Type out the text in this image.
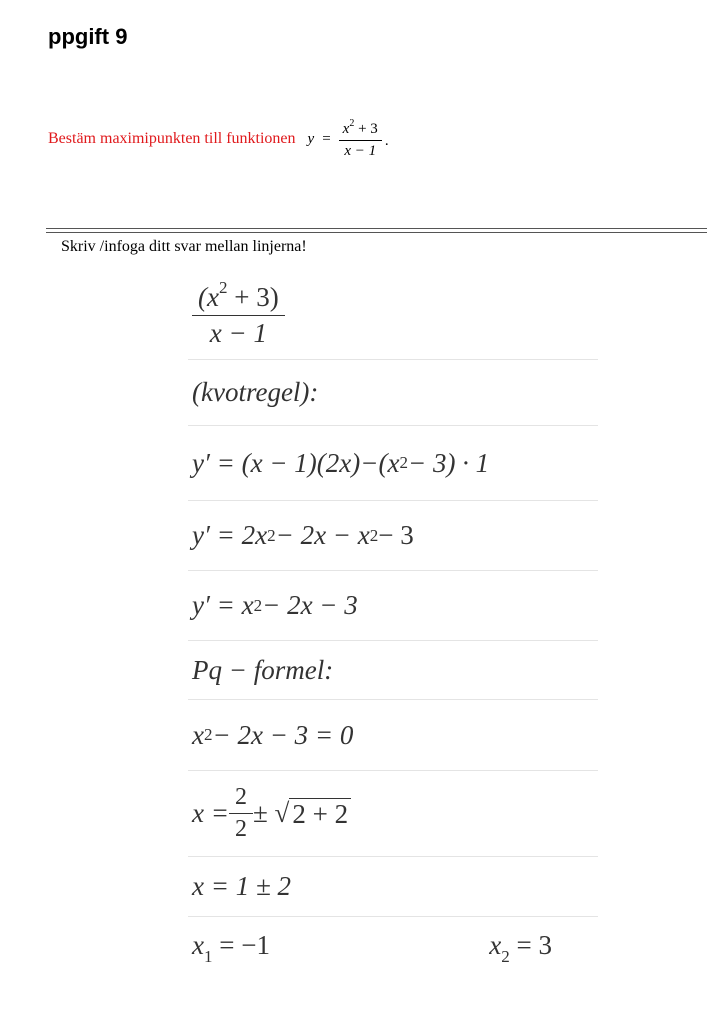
ppgift 9
Bestäm maximipunkten till funktionen $y = \frac{x^2 + 3}{x - 1}$ .
Skriv /infoga ditt svar mellan linjerna!
$\frac{(x^2 + 3)}{x - 1}$
(kvotregel):
y′ = (x − 1)(2x)−(x 2 − 3) · 1
y′ = 2x 2 − 2x − x 2 − 3
y′ = x 2 − 2x − 3
Pq − formel:
x 2 − 2x − 3 = 0
$x = \frac{2}{2}$ ± √ 2 + 2
x = 1 ± 2
$x_1 = -1$	$x_2 = 3$
